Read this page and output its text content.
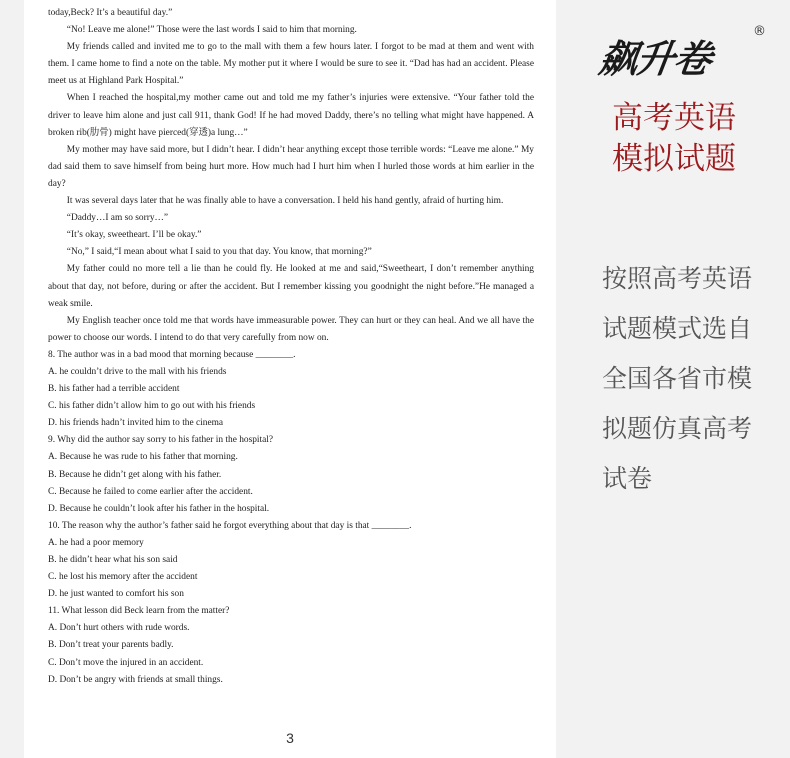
today,Beck? It’s a beautiful day.”

“No! Leave me alone!” Those were the last words I said to him that morning.

My friends called and invited me to go to the mall with them a few hours later. I forgot to be mad at them and went with them. I came home to find a note on the table. My mother put it where I would be sure to see it. “Dad has had an accident. Please meet us at Highland Park Hospital.”

When I reached the hospital,my mother came out and told me my father’s injuries were extensive. “Your father told the driver to leave him alone and just call 911, thank God! If he had moved Daddy, there’s no telling what might have happened. A broken rib(肋骨) might have pierced(穿透)a lung…”

My mother may have said more, but I didn’t hear. I didn’t hear anything except those terrible words: “Leave me alone.” My dad said them to save himself from being hurt more. How much had I hurt him when I hurled those words at him earlier in the day?

It was several days later that he was finally able to have a conversation. I held his hand gently, afraid of hurting him.

“Daddy…I am so sorry…”

“It’s okay, sweetheart. I’ll be okay.”

“No,” I said,“I mean about what I said to you that day. You know, that morning?”

My father could no more tell a lie than he could fly. He looked at me and said,“Sweetheart, I don’t remember anything about that day, not before, during or after the accident. But I remember kissing you goodnight the night before.”He managed a weak smile.

My English teacher once told me that words have immeasurable power. They can hurt or they can heal. And we all have the power to choose our words. I intend to do that very carefully from now on.

8. The author was in a bad mood that morning because ________.

A. he couldn’t drive to the mall with his friends

B. his father had a terrible accident

C. his father didn’t allow him to go out with his friends

D. his friends hadn’t invited him to the cinema

9. Why did the author say sorry to his father in the hospital?

A. Because he was rude to his father that morning.

B. Because he didn’t get along with his father.

C. Because he failed to come earlier after the accident.

D. Because he couldn’t look after his father in the hospital.

10. The reason why the author’s father said he forgot everything about that day is that ________.

A. he had a poor memory

B. he didn’t hear what his son said

C. he lost his memory after the accident

D. he just wanted to comfort his son

11. What lesson did Beck learn from the matter?

A. Don’t hurt others with rude words.

B. Don’t treat your parents badly.

C. Don’t move the injured in an accident.

D. Don’t be angry with friends at small things.

3
飙升卷
®
高考英语
模拟试题
按照高考英语试题模式选自全国各省市模拟题仿真高考试卷
